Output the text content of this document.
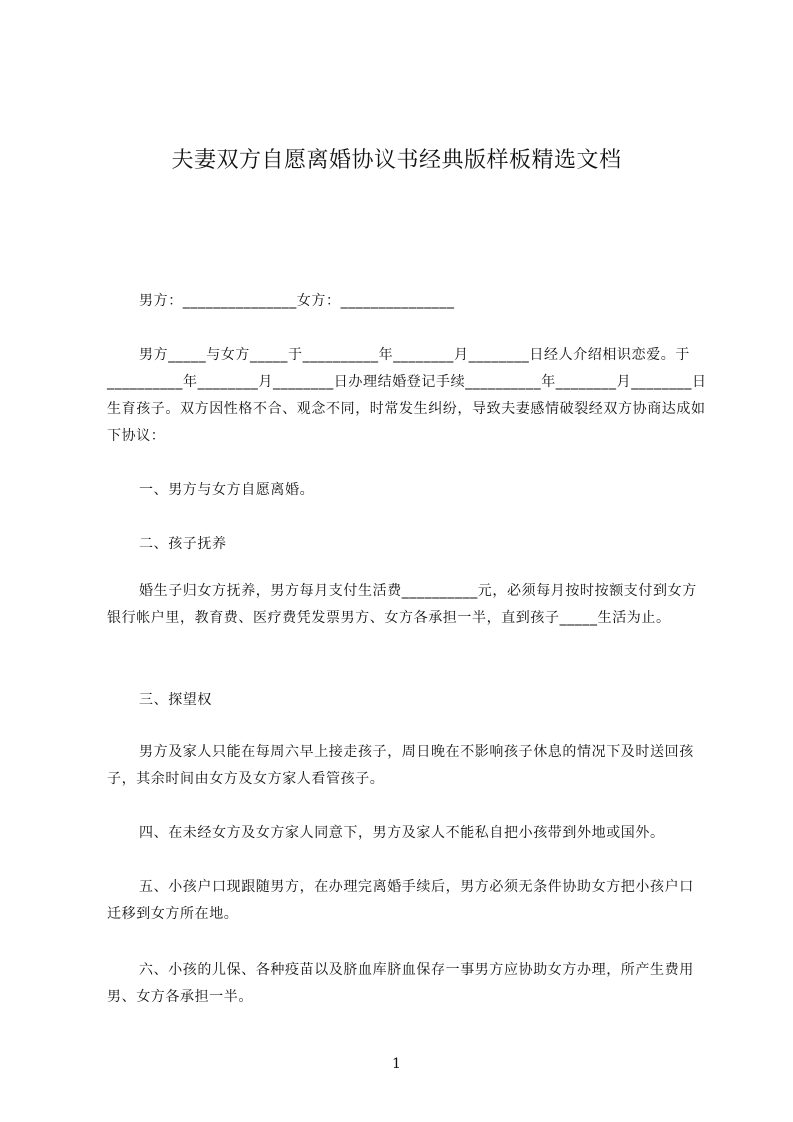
夫妻双方自愿离婚协议书经典版样板精选文档

男方：_______________女方：_______________

男方_____与女方_____于__________年________月________日经人介绍相识恋爱。于__________年________月________日办理结婚登记手续__________年________月________日生育孩子。双方因性格不合、观念不同，时常发生纠纷，导致夫妻感情破裂经双方协商达成如下协议：

一、男方与女方自愿离婚。

二、孩子抚养

婚生子归女方抚养，男方每月支付生活费__________元，必须每月按时按额支付到女方银行帐户里，教育费、医疗费凭发票男方、女方各承担一半，直到孩子_____生活为止。

三、探望权

男方及家人只能在每周六早上接走孩子，周日晚在不影响孩子休息的情况下及时送回孩子，其余时间由女方及女方家人看管孩子。

四、在未经女方及女方家人同意下，男方及家人不能私自把小孩带到外地或国外。

五、小孩户口现跟随男方，在办理完离婚手续后，男方必须无条件协助女方把小孩户口迁移到女方所在地。

六、小孩的儿保、各种疫苗以及脐血库脐血保存一事男方应协助女方办理，所产生费用男、女方各承担一半。

1
